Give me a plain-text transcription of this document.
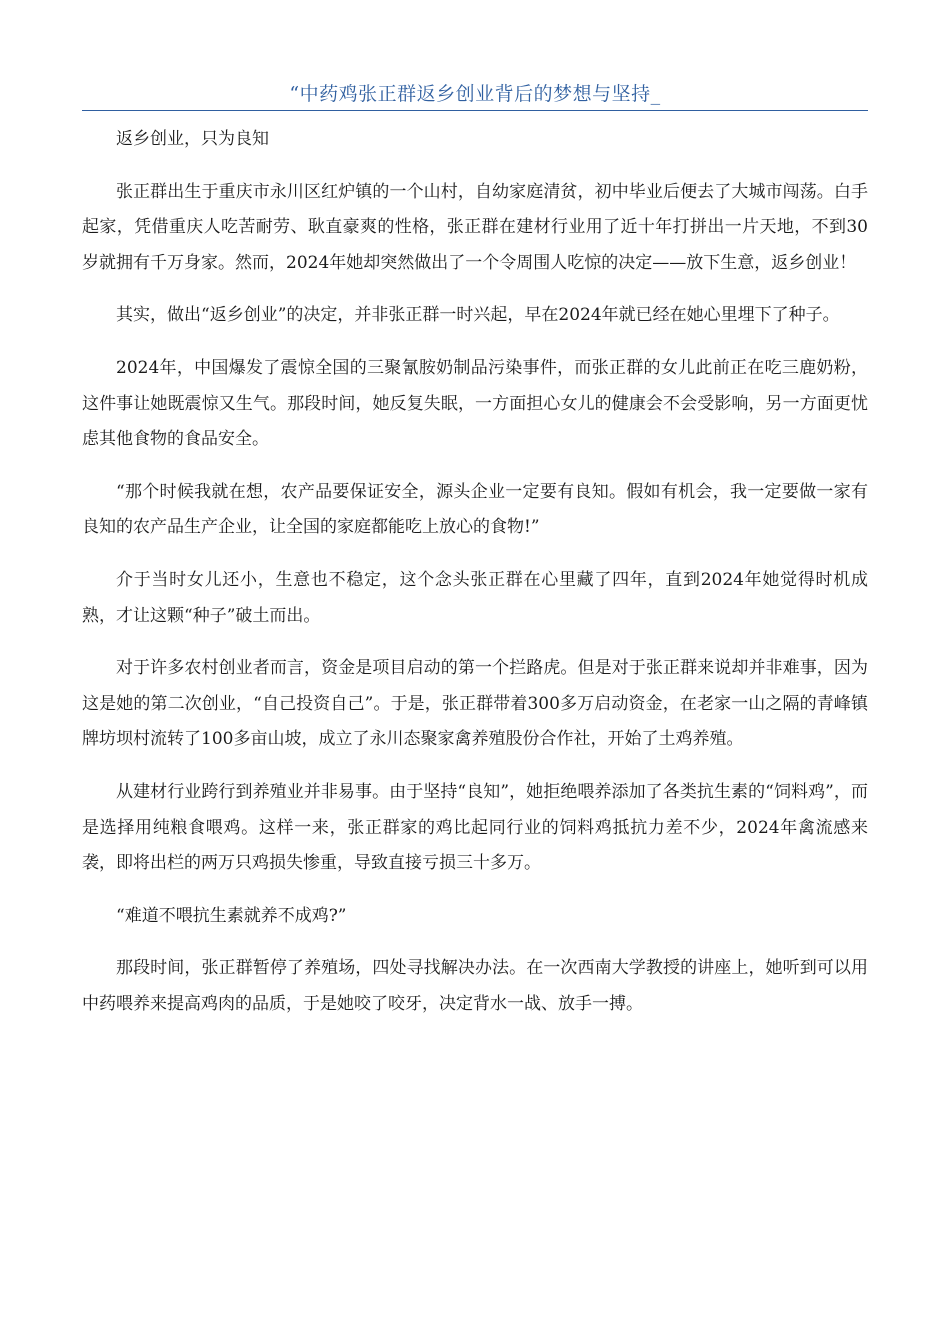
“中药鸡张正群返乡创业背后的梦想与坚持_

返乡创业，只为良知

张正群出生于重庆市永川区红炉镇的一个山村，自幼家庭清贫，初中毕业后便去了大城市闯荡。白手起家，凭借重庆人吃苦耐劳、耿直豪爽的性格，张正群在建材行业用了近十年打拼出一片天地，不到30岁就拥有千万身家。然而，2024年她却突然做出了一个令周围人吃惊的决定——放下生意，返乡创业！

其实，做出“返乡创业”的决定，并非张正群一时兴起，早在2024年就已经在她心里埋下了种子。

2024年，中国爆发了震惊全国的三聚氰胺奶制品污染事件，而张正群的女儿此前正在吃三鹿奶粉，这件事让她既震惊又生气。那段时间，她反复失眠，一方面担心女儿的健康会不会受影响，另一方面更忧虑其他食物的食品安全。

“那个时候我就在想，农产品要保证安全，源头企业一定要有良知。假如有机会，我一定要做一家有良知的农产品生产企业，让全国的家庭都能吃上放心的食物!”

介于当时女儿还小，生意也不稳定，这个念头张正群在心里藏了四年，直到2024年她觉得时机成熟，才让这颗“种子”破土而出。

对于许多农村创业者而言，资金是项目启动的第一个拦路虎。但是对于张正群来说却并非难事，因为这是她的第二次创业，“自己投资自己”。于是，张正群带着300多万启动资金，在老家一山之隔的青峰镇牌坊坝村流转了100多亩山坡，成立了永川态聚家禽养殖股份合作社，开始了土鸡养殖。

从建材行业跨行到养殖业并非易事。由于坚持“良知”，她拒绝喂养添加了各类抗生素的“饲料鸡”，而是选择用纯粮食喂鸡。这样一来，张正群家的鸡比起同行业的饲料鸡抵抗力差不少，2024年禽流感来袭，即将出栏的两万只鸡损失惨重，导致直接亏损三十多万。

“难道不喂抗生素就养不成鸡?”

那段时间，张正群暂停了养殖场，四处寻找解决办法。在一次西南大学教授的讲座上，她听到可以用中药喂养来提高鸡肉的品质，于是她咬了咬牙，决定背水一战、放手一搏。
